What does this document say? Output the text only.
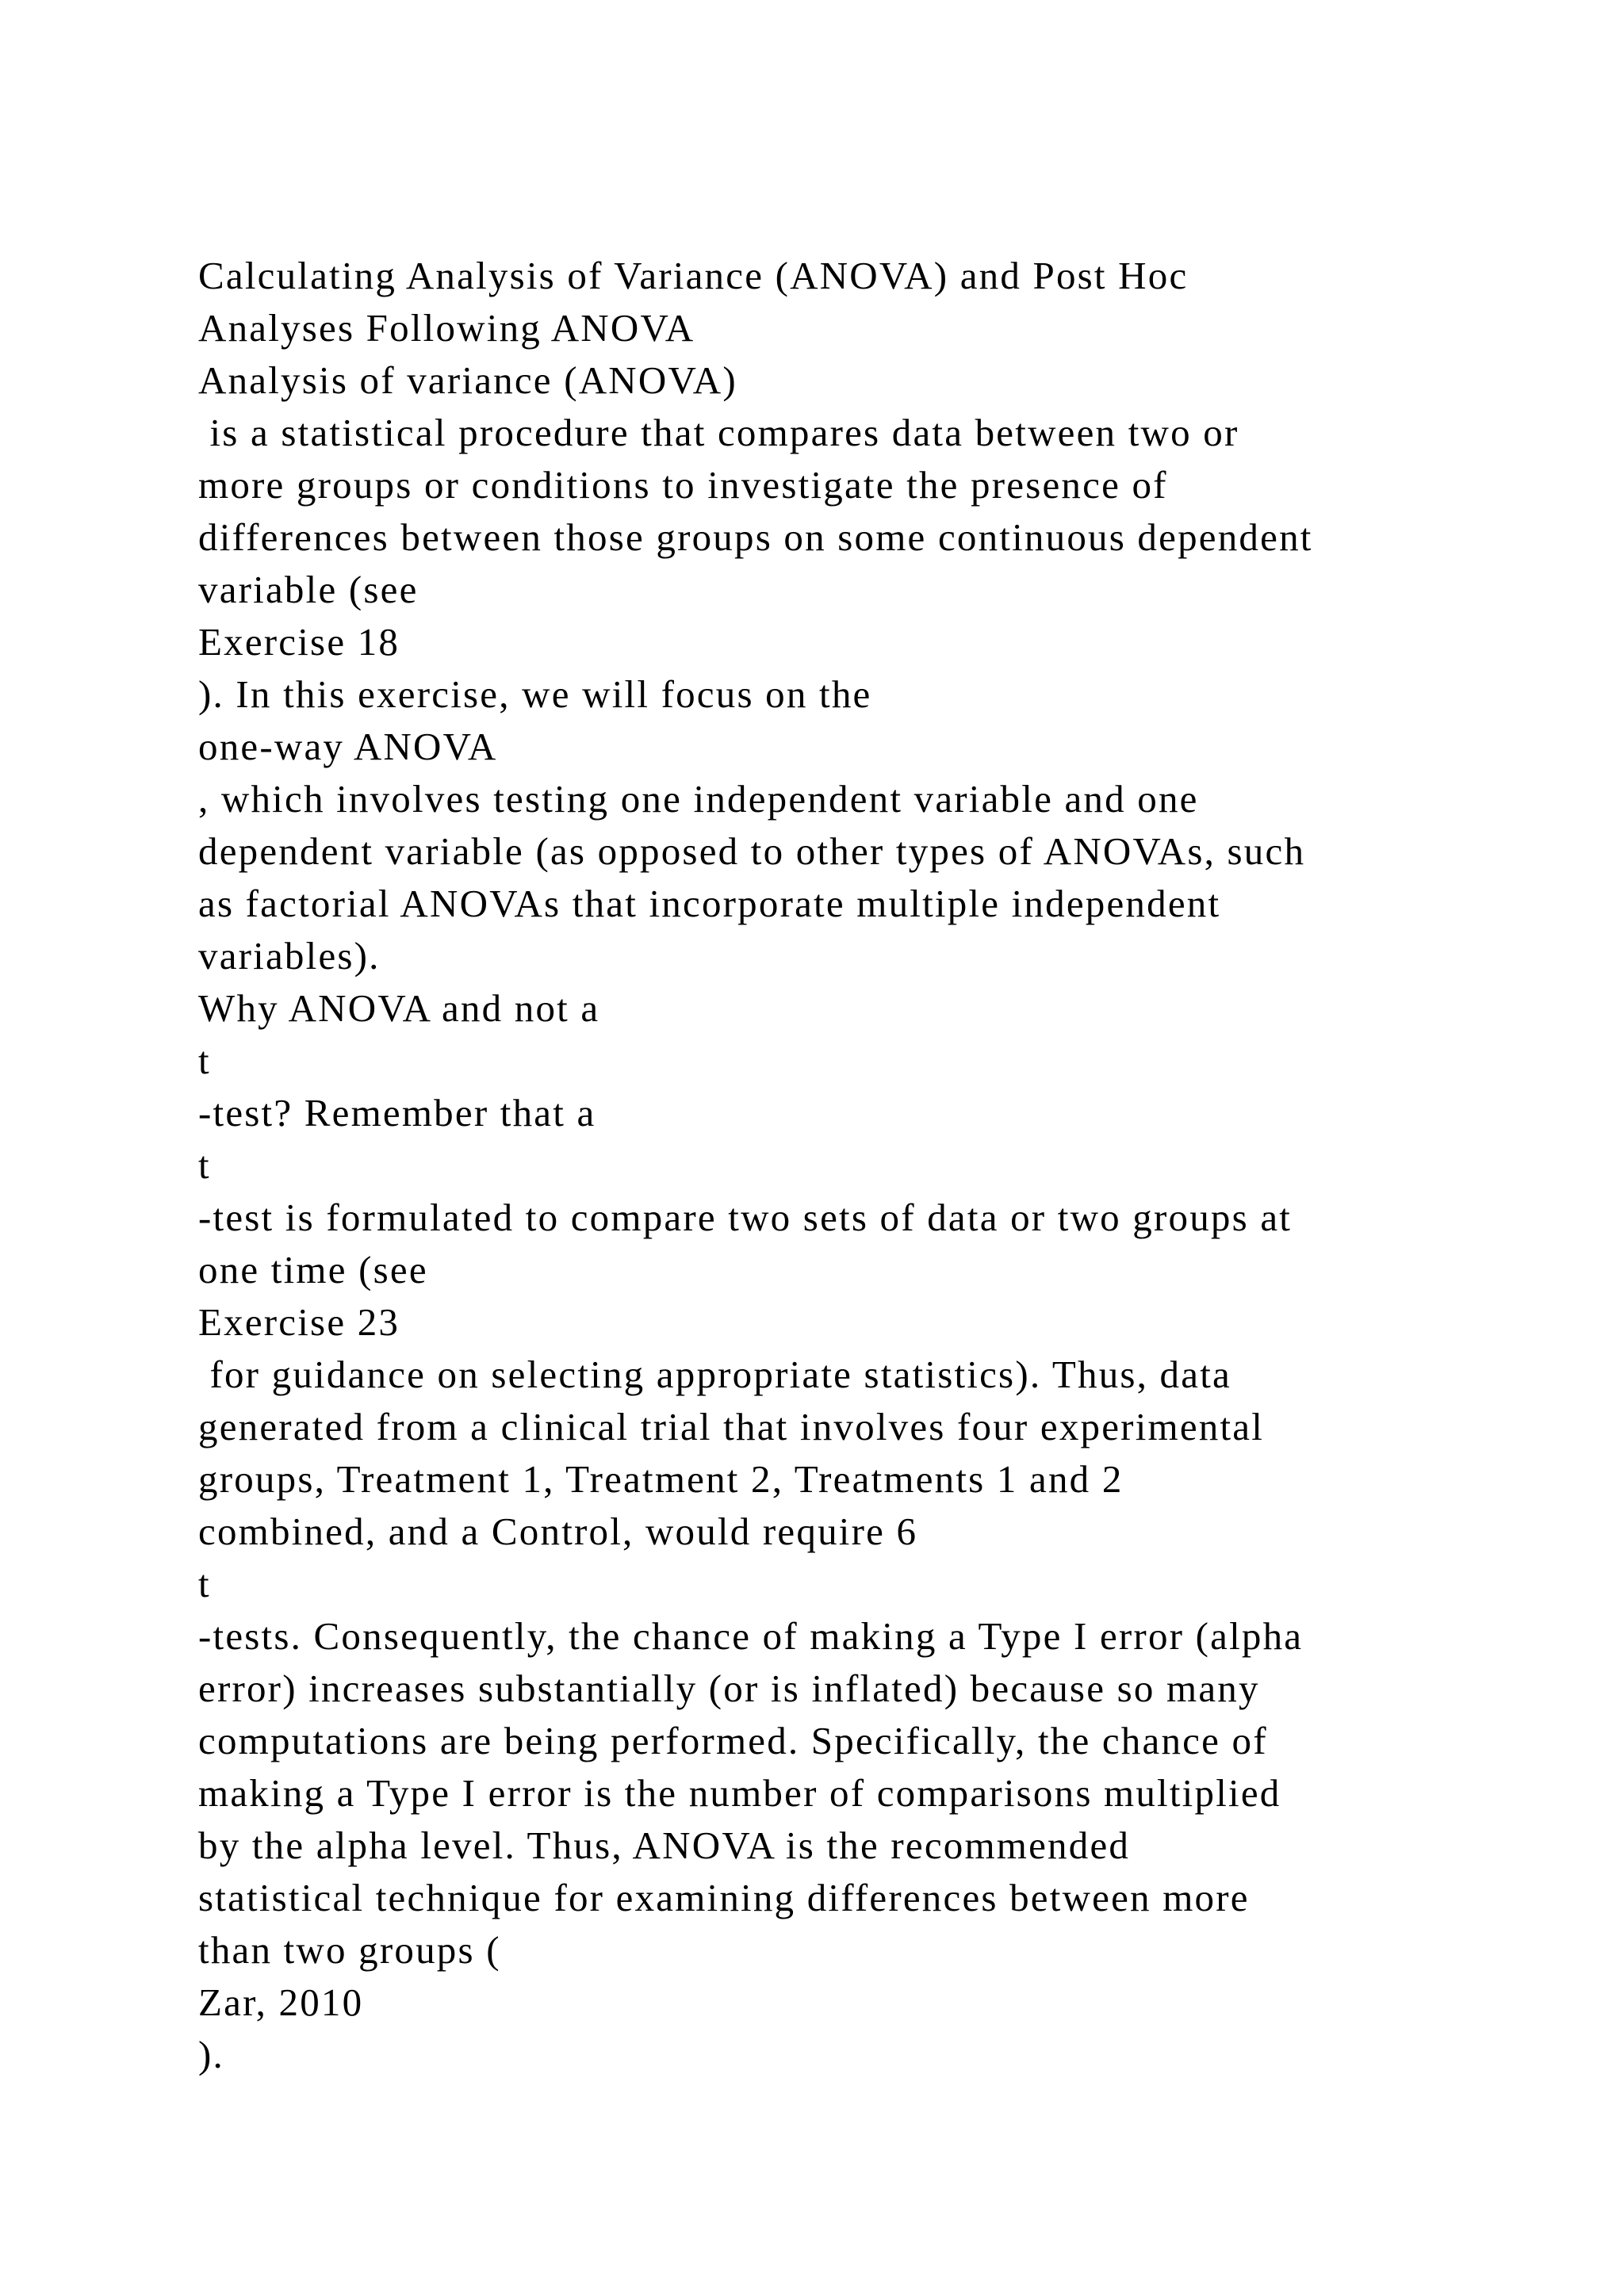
Calculating Analysis of Variance (ANOVA) and Post Hoc
Analyses Following ANOVA
Analysis of variance (ANOVA)
is a statistical procedure that compares data between two or
more groups or conditions to investigate the presence of
differences between those groups on some continuous dependent
variable (see
Exercise 18
). In this exercise, we will focus on the
one-way ANOVA
, which involves testing one independent variable and one
dependent variable (as opposed to other types of ANOVAs, such
as factorial ANOVAs that incorporate multiple independent
variables).
Why ANOVA and not a
t
-test? Remember that a
t
-test is formulated to compare two sets of data or two groups at
one time (see
Exercise 23
for guidance on selecting appropriate statistics). Thus, data
generated from a clinical trial that involves four experimental
groups, Treatment 1, Treatment 2, Treatments 1 and 2
combined, and a Control, would require 6
t
-tests. Consequently, the chance of making a Type I error (alpha
error) increases substantially (or is inflated) because so many
computations are being performed. Specifically, the chance of
making a Type I error is the number of comparisons multiplied
by the alpha level. Thus, ANOVA is the recommended
statistical technique for examining differences between more
than two groups (
Zar, 2010
).
